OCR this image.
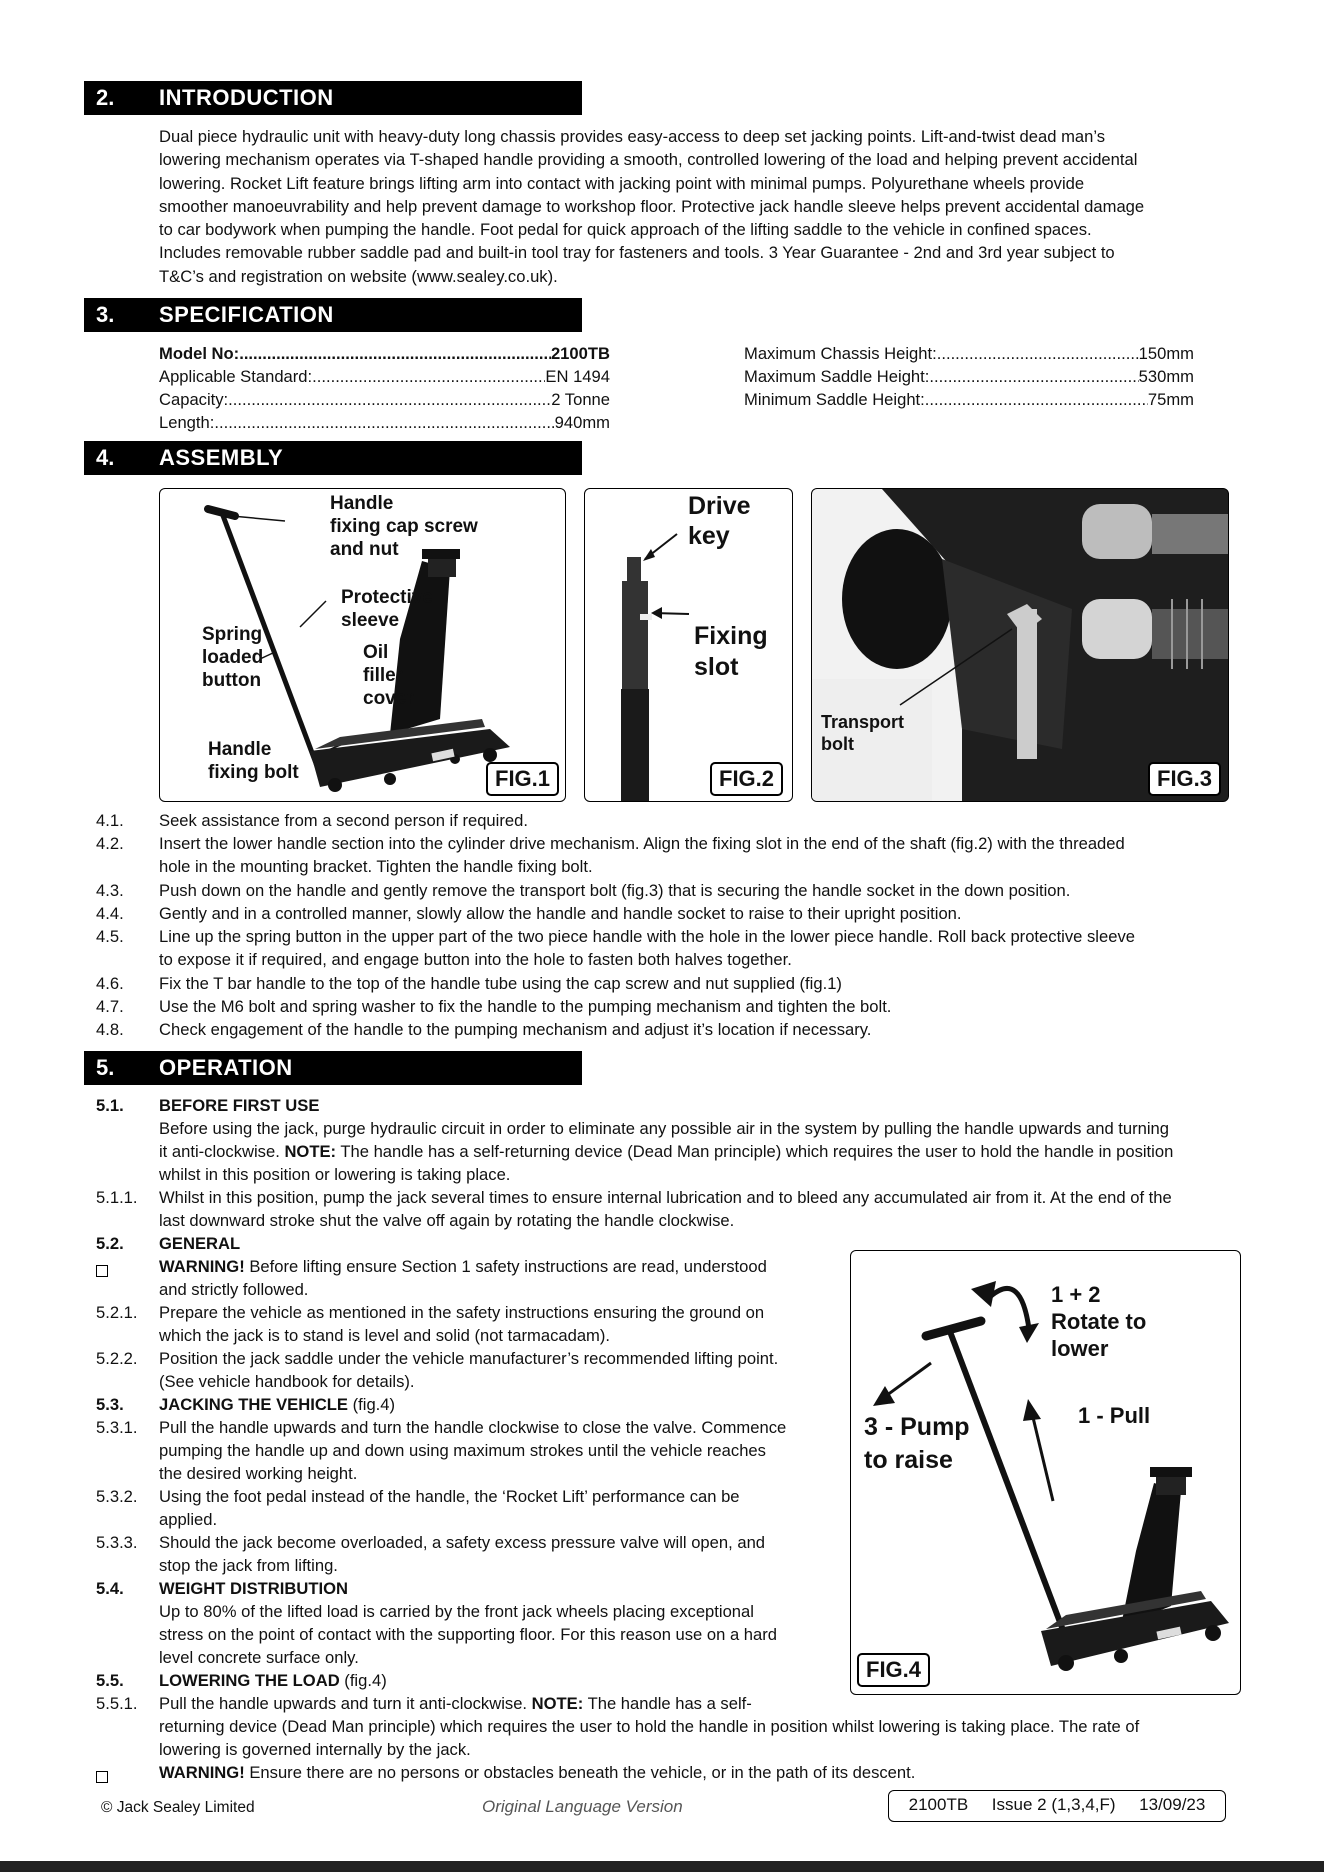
2. INTRODUCTION
Dual piece hydraulic unit with heavy-duty long chassis provides easy-access to deep set jacking points. Lift-and-twist dead man’s
lowering mechanism operates via T-shaped handle providing a smooth, controlled lowering of the load and helping prevent accidental
lowering. Rocket Lift feature brings lifting arm into contact with jacking point with minimal pumps. Polyurethane wheels provide
smoother manoeuvrability and help prevent damage to workshop floor. Protective jack handle sleeve helps prevent accidental damage
to car bodywork when pumping the handle. Foot pedal for quick approach of the lifting saddle to the vehicle in confined spaces.
Includes removable rubber saddle pad and built-in tool tray for fasteners and tools. 3 Year Guarantee - 2nd and 3rd year subject to
T&C’s and registration on website (www.sealey.co.uk).
3. SPECIFICATION
Model No: .....	2100TB
Applicable Standard: .....	EN 1494
Capacity: .....	2 Tonne
Length: .....	940mm
Maximum Chassis Height: .....	150mm
Maximum Saddle Height: .....	530mm
Minimum Saddle Height: .....	75mm
4. ASSEMBLY
Handle
fixing cap screw
and nut
Protective
sleeve
Spring
loaded
button
Oil
filler
cover
Handle
fixing bolt	FIG.1
Drive
key
Fixing
slot
FIG.2
Transport
bolt
FIG.3
4.1. Seek assistance from a second person if required.
4.2. Insert the lower handle section into the cylinder drive mechanism. Align the fixing slot in the end of the shaft (fig.2) with the threaded
hole in the mounting bracket. Tighten the handle fixing bolt.
4.3. Push down on the handle and gently remove the transport bolt (fig.3) that is securing the handle socket in the down position.
4.4. Gently and in a controlled manner, slowly allow the handle and handle socket to raise to their upright position.
4.5. Line up the spring button in the upper part of the two piece handle with the hole in the lower piece handle. Roll back protective sleeve
to expose it if required, and engage button into the hole to fasten both halves together.
4.6. Fix the T bar handle to the top of the handle tube using the cap screw and nut supplied (fig.1)
4.7. Use the M6 bolt and spring washer to fix the handle to the pumping mechanism and tighten the bolt.
4.8. Check engagement of the handle to the pumping mechanism and adjust it’s location if necessary.
5. OPERATION
5.1. BEFORE FIRST USE
Before using the jack, purge hydraulic circuit in order to eliminate any possible air in the system by pulling the handle upwards and turning
it anti-clockwise. NOTE: The handle has a self-returning device (Dead Man principle) which requires the user to hold the handle in position
whilst in this position or lowering is taking place.
5.1.1. Whilst in this position, pump the jack several times to ensure internal lubrication and to bleed any accumulated air from it. At the end of the
last downward stroke shut the valve off again by rotating the handle clockwise.
5.2. GENERAL
WARNING! Before lifting ensure Section 1 safety instructions are read, understood
and strictly followed.
5.2.1. Prepare the vehicle as mentioned in the safety instructions ensuring the ground on
which the jack is to stand is level and solid (not tarmacadam).
5.2.2. Position the jack saddle under the vehicle manufacturer’s recommended lifting point.
(See vehicle handbook for details).
5.3. JACKING THE VEHICLE (fig.4)
5.3.1. Pull the handle upwards and turn the handle clockwise to close the valve. Commence
pumping the handle up and down using maximum strokes until the vehicle reaches
the desired working height.
5.3.2. Using the foot pedal instead of the handle, the ‘Rocket Lift’ performance can be
applied.
5.3.3. Should the jack become overloaded, a safety excess pressure valve will open, and
stop the jack from lifting.
5.4. WEIGHT DISTRIBUTION
Up to 80% of the lifted load is carried by the front jack wheels placing exceptional
stress on the point of contact with the supporting floor. For this reason use on a hard
level concrete surface only.
5.5. LOWERING THE LOAD (fig.4)
5.5.1. Pull the handle upwards and turn it anti-clockwise. NOTE: The handle has a self-
returning device (Dead Man principle) which requires the user to hold the handle in position whilst lowering is taking place. The rate of
lowering is governed internally by the jack.
WARNING! Ensure there are no persons or obstacles beneath the vehicle, or in the path of its descent.
1 + 2
Rotate to
lower
1 - Pull
3 - Pump
to raise
FIG.4
© Jack Sealey Limited	Original Language Version	2100TB     Issue 2 (1,3,4,F)     13/09/23
